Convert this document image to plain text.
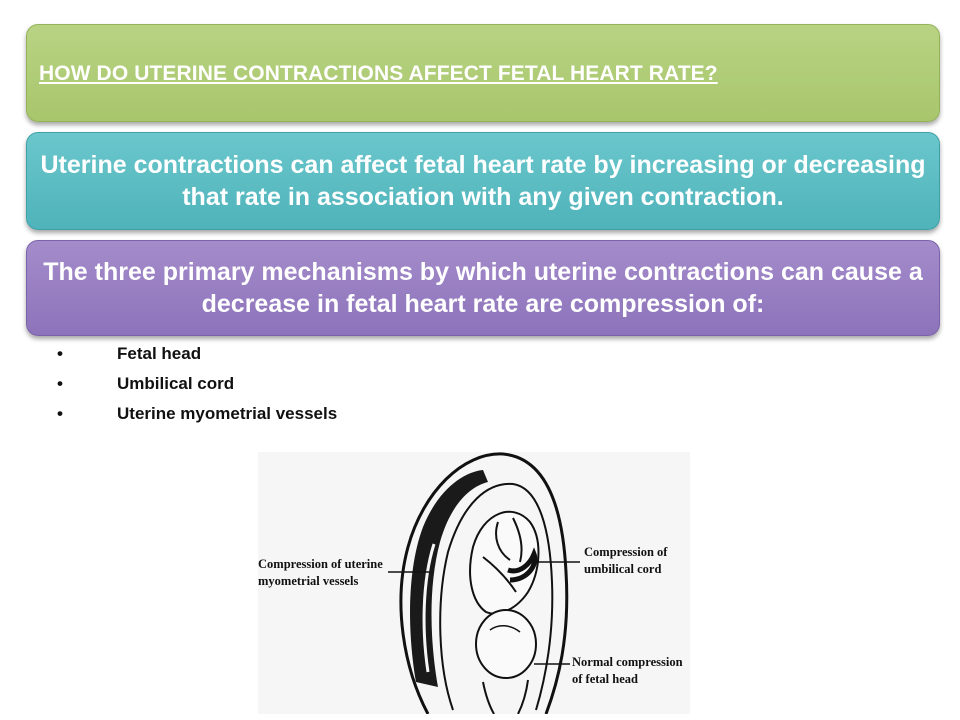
HOW DO UTERINE CONTRACTIONS AFFECT FETAL HEART RATE?
Uterine contractions can affect fetal heart rate by increasing or decreasing that rate in association with any given contraction.
The three primary mechanisms by which uterine contractions can cause a decrease in fetal heart rate are compression of:
•	Fetal head
•	Umbilical cord
•	Uterine myometrial vessels
Compression of uterine
myometrial vessels
Compression of
umbilical cord
Normal compression
of fetal head
